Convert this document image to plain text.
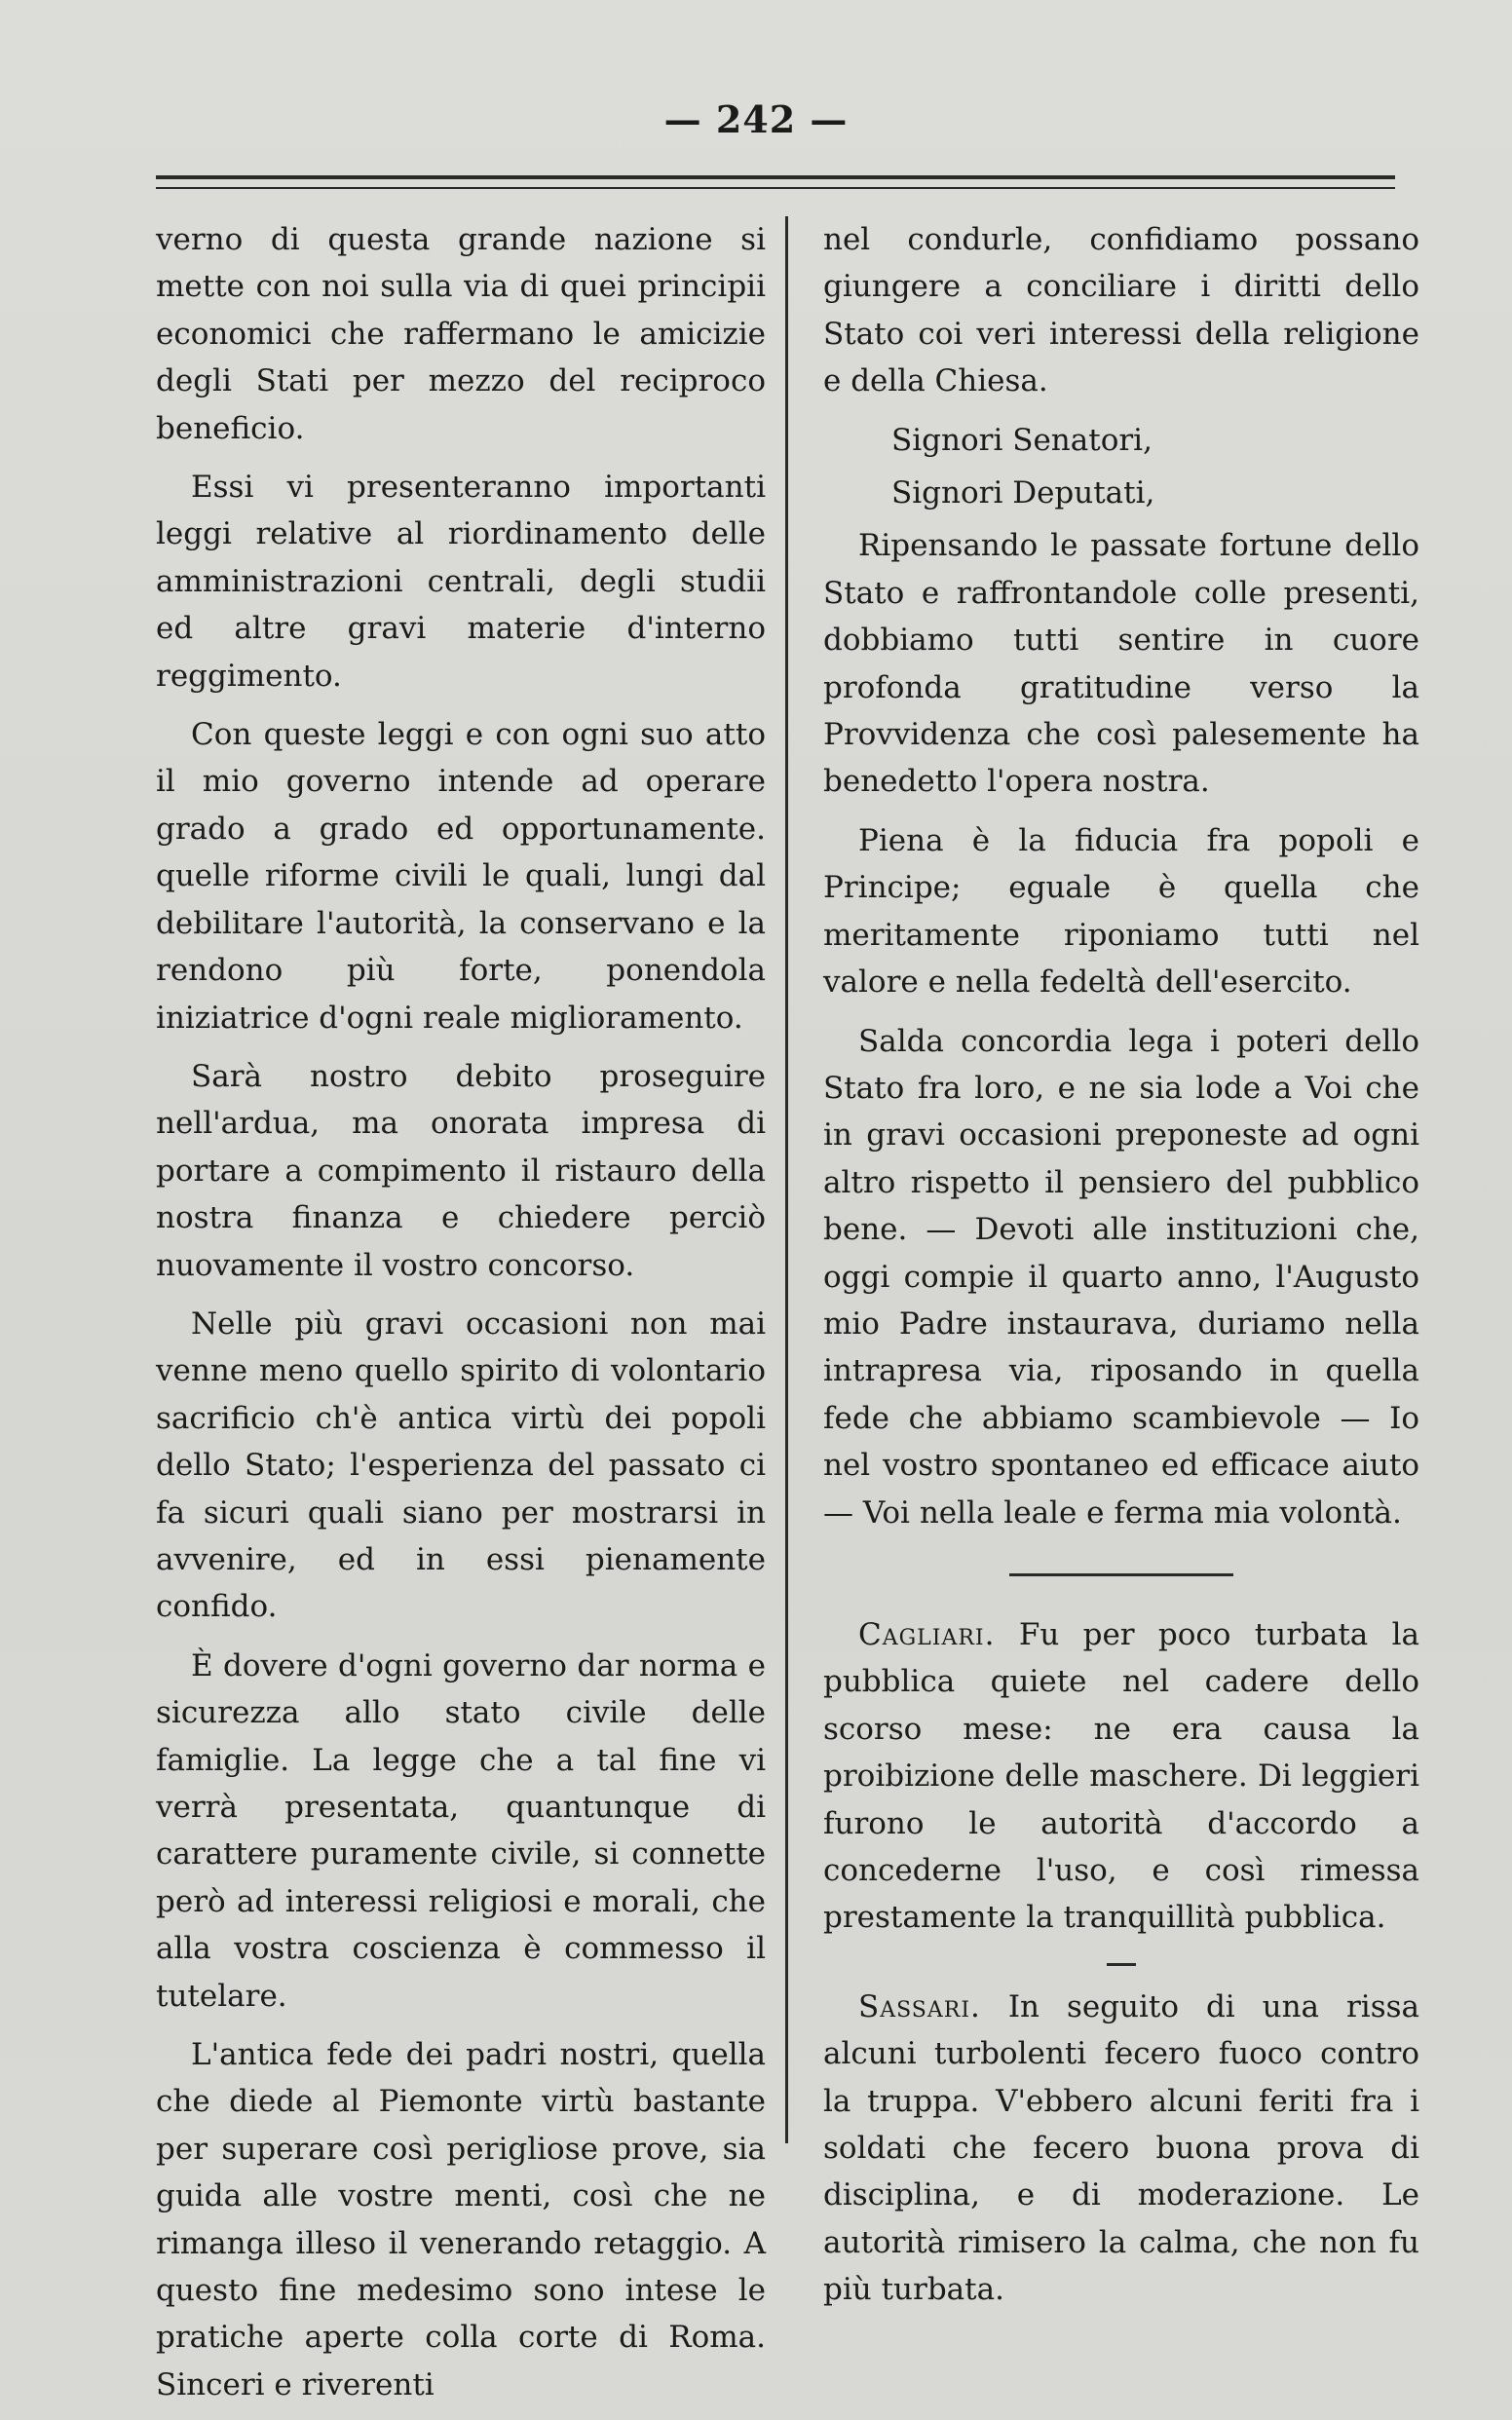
— 242 —

verno di questa grande nazione si mette con noi sulla via di quei principii economici che raffermano le amicizie degli Stati per mezzo del reciproco beneficio.

Essi vi presenteranno importanti leggi relative al riordinamento delle amministrazioni centrali, degli studii ed altre gravi materie d'interno reggimento.

Con queste leggi e con ogni suo atto il mio governo intende ad operare grado a grado ed opportunamente. quelle riforme civili le quali, lungi dal debilitare l'autorità, la conservano e la rendono più forte, ponendola iniziatrice d'ogni reale miglioramento.

Sarà nostro debito proseguire nell'ardua, ma onorata impresa di portare a compimento il ristauro della nostra finanza e chiedere perciò nuovamente il vostro concorso.

Nelle più gravi occasioni non mai venne meno quello spirito di volontario sacrificio ch'è antica virtù dei popoli dello Stato; l'esperienza del passato ci fa sicuri quali siano per mostrarsi in avvenire, ed in essi pienamente confido.

È dovere d'ogni governo dar norma e sicurezza allo stato civile delle famiglie. La legge che a tal fine vi verrà presentata, quantunque di carattere puramente civile, si connette però ad interessi religiosi e morali, che alla vostra coscienza è commesso il tutelare.

L'antica fede dei padri nostri, quella che diede al Piemonte virtù bastante per superare così perigliose prove, sia guida alle vostre menti, così che ne rimanga illeso il venerando retaggio. A questo fine medesimo sono intese le pratiche aperte colla corte di Roma. Sinceri e riverenti

nel condurle, confidiamo possano giungere a conciliare i diritti dello Stato coi veri interessi della religione e della Chiesa.

Signori Senatori,

Signori Deputati,

Ripensando le passate fortune dello Stato e raffrontandole colle presenti, dobbiamo tutti sentire in cuore profonda gratitudine verso la Provvidenza che così palesemente ha benedetto l'opera nostra.

Piena è la fiducia fra popoli e Principe; eguale è quella che meritamente riponiamo tutti nel valore e nella fedeltà dell'esercito.

Salda concordia lega i poteri dello Stato fra loro, e ne sia lode a Voi che in gravi occasioni preponeste ad ogni altro rispetto il pensiero del pubblico bene. — Devoti alle instituzioni che, oggi compie il quarto anno, l'Augusto mio Padre instaurava, duriamo nella intrapresa via, riposando in quella fede che abbiamo scambievole — Io nel vostro spontaneo ed efficace aiuto — Voi nella leale e ferma mia volontà.

Cagliari. Fu per poco turbata la pubblica quiete nel cadere dello scorso mese: ne era causa la proibizione delle maschere. Di leggieri furono le autorità d'accordo a concederne l'uso, e così rimessa prestamente la tranquillità pubblica.

Sassari. In seguito di una rissa alcuni turbolenti fecero fuoco contro la truppa. V'ebbero alcuni feriti fra i soldati che fecero buona prova di disciplina, e di moderazione. Le autorità rimisero la calma, che non fu più turbata.
